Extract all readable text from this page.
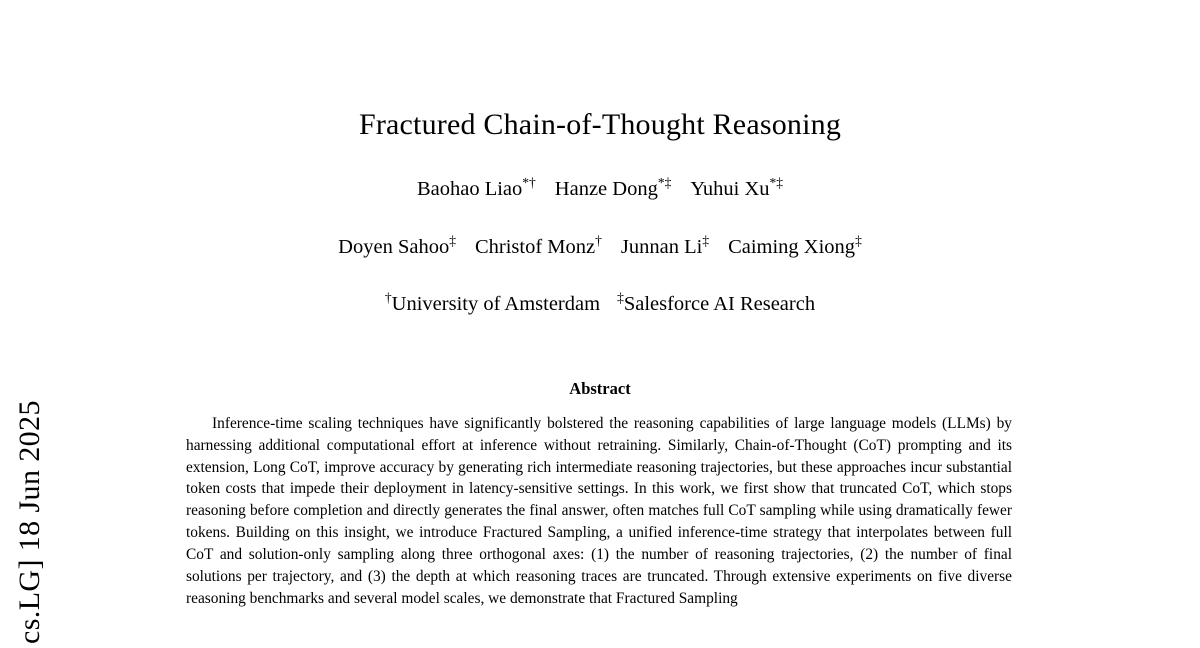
cs.LG] 18 Jun 2025
Fractured Chain-of-Thought Reasoning
Baohao Liao*† Hanze Dong*‡ Yuhui Xu*‡
Doyen Sahoo‡ Christof Monz† Junnan Li‡ Caiming Xiong‡
†University of Amsterdam ‡Salesforce AI Research
Abstract
Inference-time scaling techniques have significantly bolstered the reasoning capabilities of large language models (LLMs) by harnessing additional computational effort at inference without retraining. Similarly, Chain-of-Thought (CoT) prompting and its extension, Long CoT, improve accuracy by generating rich intermediate reasoning trajectories, but these approaches incur substantial token costs that impede their deployment in latency-sensitive settings. In this work, we first show that truncated CoT, which stops reasoning before completion and directly generates the final answer, often matches full CoT sampling while using dramatically fewer tokens. Building on this insight, we introduce Fractured Sampling, a unified inference-time strategy that interpolates between full CoT and solution-only sampling along three orthogonal axes: (1) the number of reasoning trajectories, (2) the number of final solutions per trajectory, and (3) the depth at which reasoning traces are truncated. Through extensive experiments on five diverse reasoning benchmarks and several model scales, we demonstrate that Fractured Sampling
